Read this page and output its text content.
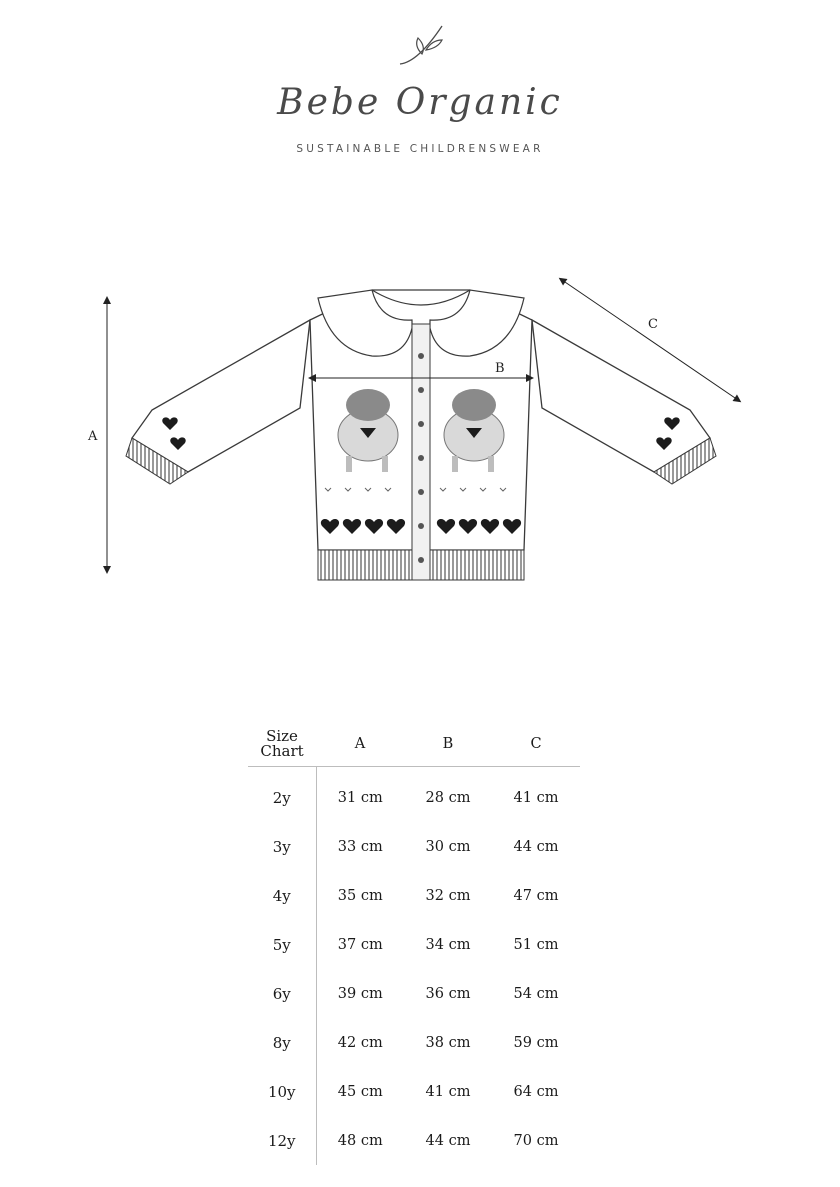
Bebe Organic
SUSTAINABLE CHILDRENSWEAR
A
C
B
Size
Chart	A	B	C
2y	31 cm	28 cm	41 cm
3y	33 cm	30 cm	44 cm
4y	35 cm	32 cm	47 cm
5y	37 cm	34 cm	51 cm
6y	39 cm	36 cm	54 cm
8y	42 cm	38 cm	59 cm
10y	45 cm	41 cm	64 cm
12y	48 cm	44 cm	70 cm
